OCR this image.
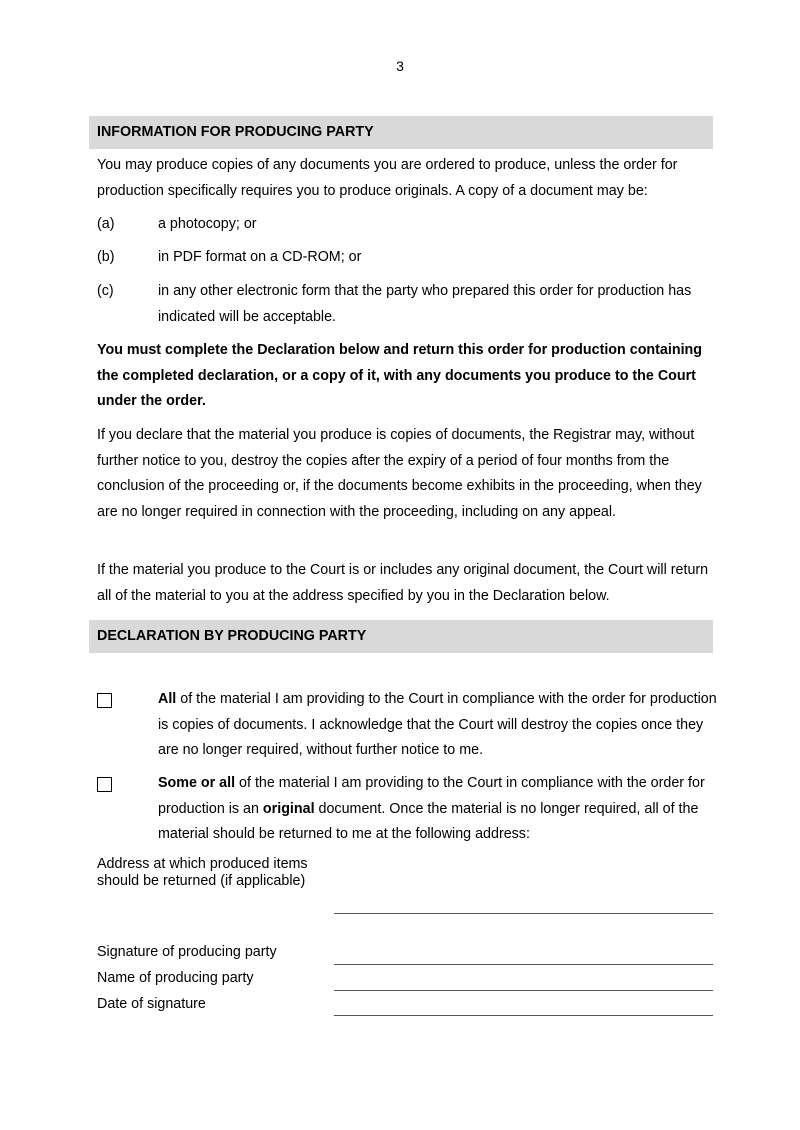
3
INFORMATION FOR PRODUCING PARTY
You may produce copies of any documents you are ordered to produce, unless the order for production specifically requires you to produce originals. A copy of a document may be:
(a)	a photocopy; or
(b)	in PDF format on a CD-ROM; or
(c)	in any other electronic form that the party who prepared this order for production has indicated will be acceptable.
You must complete the Declaration below and return this order for production containing the completed declaration, or a copy of it, with any documents you produce to the Court under the order.
If you declare that the material you produce is copies of documents, the Registrar may, without further notice to you, destroy the copies after the expiry of a period of four months from the conclusion of the proceeding or, if the documents become exhibits in the proceeding, when they are no longer required in connection with the proceeding, including on any appeal.
If the material you produce to the Court is or includes any original document, the Court will return all of the material to you at the address specified by you in the Declaration below.
DECLARATION BY PRODUCING PARTY
All of the material I am providing to the Court in compliance with the order for production is copies of documents. I acknowledge that the Court will destroy the copies once they are no longer required, without further notice to me.
Some or all of the material I am providing to the Court in compliance with the order for production is an original document. Once the material is no longer required, all of the material should be returned to me at the following address:
Address at which produced items
should be returned (if applicable)
Signature of producing party
Name of producing party
Date of signature
